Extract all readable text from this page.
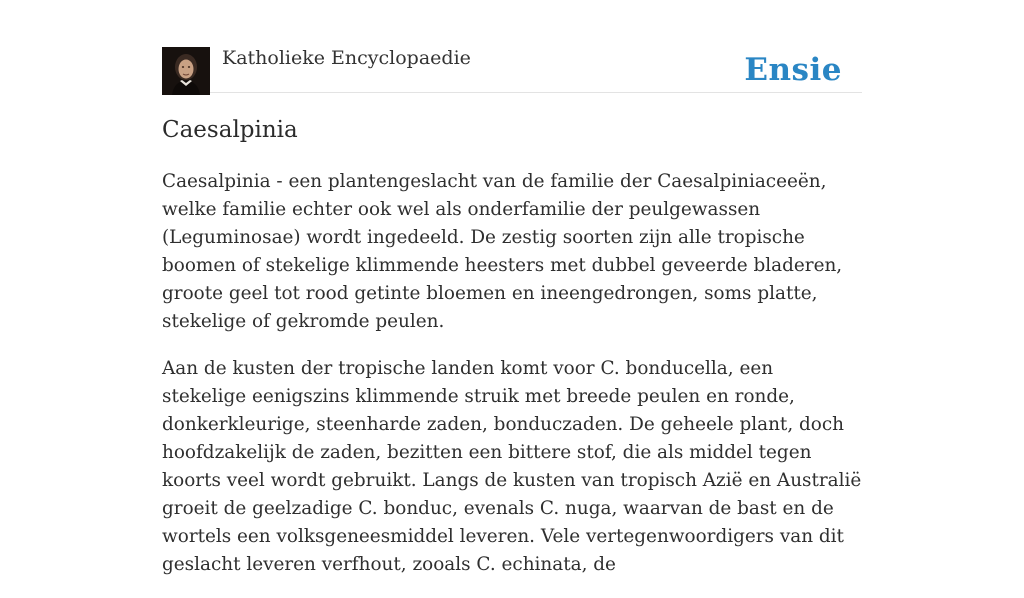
Katholieke Encyclopaedie	Ensie
Caesalpinia

Caesalpinia - een plantengeslacht van de familie der Caesalpiniaceeën, welke familie echter ook wel als onderfamilie der peulgewassen (Leguminosae) wordt ingedeeld. De zestig soorten zijn alle tropische boomen of stekelige klimmende heesters met dubbel geveerde bladeren, groote geel tot rood getinte bloemen en ineengedrongen, soms platte, stekelige of gekromde peulen.

Aan de kusten der tropische landen komt voor C. bonducella, een stekelige eenigszins klimmende struik met breede peulen en ronde, donkerkleurige, steenharde zaden, bonduczaden. De geheele plant, doch hoofdzakelijk de zaden, bezitten een bittere stof, die als middel tegen koorts veel wordt gebruikt. Langs de kusten van tropisch Azië en Australië groeit de geelzadige C. bonduc, evenals C. nuga, waarvan de bast en de wortels een volksgeneesmiddel leveren. Vele vertegenwoordigers van dit geslacht leveren verfhout, zooals C. echinata, de
